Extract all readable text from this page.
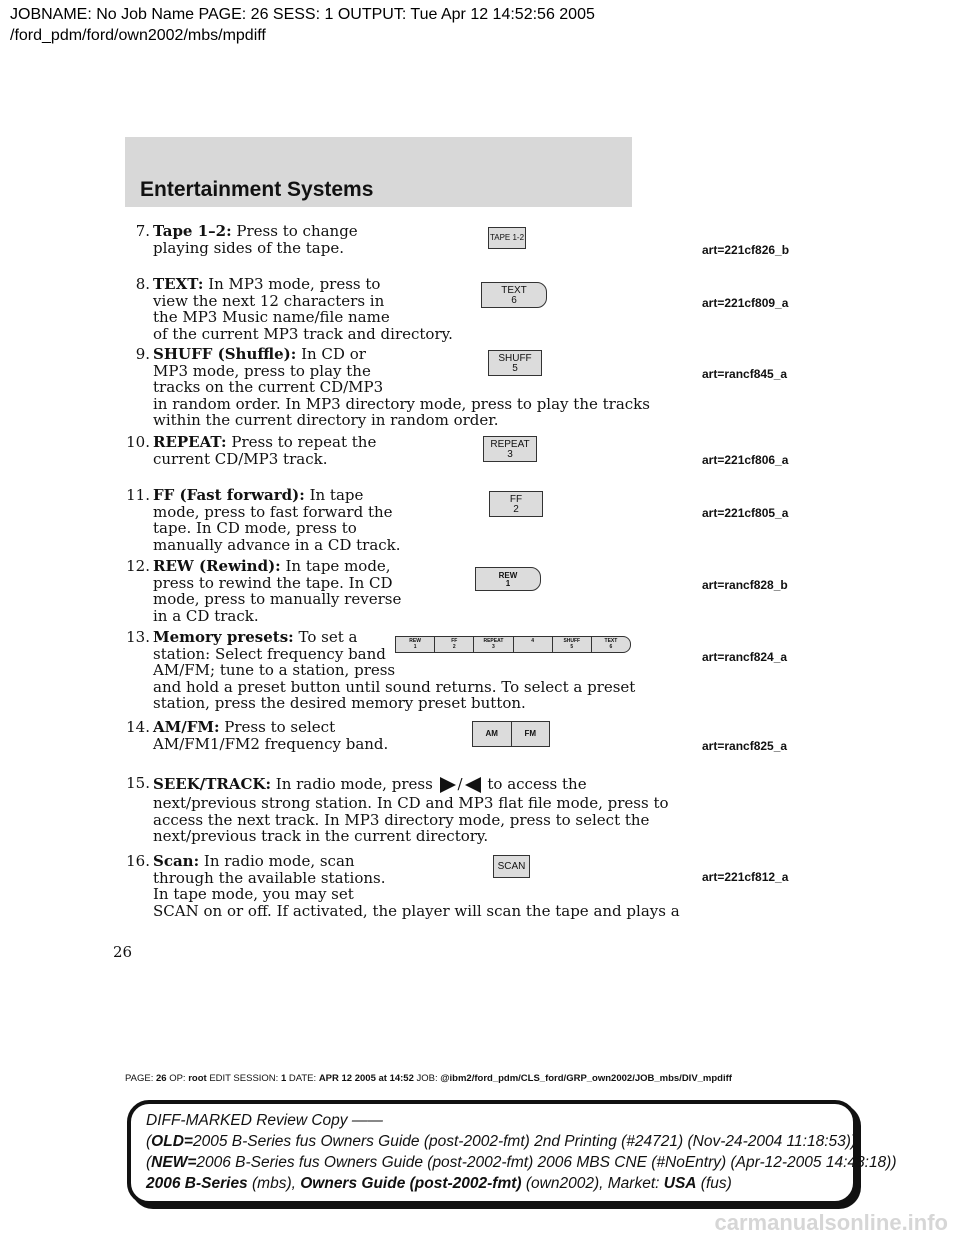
JOBNAME: No Job Name PAGE: 26 SESS: 1 OUTPUT: Tue Apr 12 14:52:56 2005
/ford_pdm/ford/own2002/mbs/mpdiff
Entertainment Systems
7. Tape 1–2: Press to change
playing sides of the tape.
TAPE 1-2
art=221cf826_b
8. TEXT: In MP3 mode, press to
view the next 12 characters in
the MP3 Music name/file name
of the current MP3 track and directory.
TEXT
6	art=221cf809_a
9. SHUFF (Shuffle): In CD or
MP3 mode, press to play the
tracks on the current CD/MP3
in random order. In MP3 directory mode, press to play the tracks
within the current directory in random order.
SHUFF
5	art=rancf845_a
10. REPEAT: Press to repeat the
current CD/MP3 track.
REPEAT
3	art=221cf806_a
11. FF (Fast forward): In tape
mode, press to fast forward the
tape. In CD mode, press to
manually advance in a CD track.
FF
2	art=221cf805_a
12. REW (Rewind): In tape mode,
press to rewind the tape. In CD
mode, press to manually reverse
in a CD track.
REW
1	art=rancf828_b
13. Memory presets: To set a
station: Select frequency band
AM/FM; tune to a station, press
and hold a preset button until sound returns. To select a preset
station, press the desired memory preset button.
REW
1
FF
2
REPEAT
3
4	SHUFF
5
TEXT
6
art=rancf824_a
14. AM/FM: Press to select
AM/FM1/FM2 frequency band.
AM	FM
art=rancf825_a
15. SEEK/TRACK: In radio mode, press / to access the
next/previous strong station. In CD and MP3 flat file mode, press to
access the next track. In MP3 directory mode, press to select the
next/previous track in the current directory.
16. Scan: In radio mode, scan
through the available stations.
In tape mode, you may set
SCAN on or off. If activated, the player will scan the tape and plays a
SCAN
art=221cf812_a
26
PAGE: 26 OP: root EDIT SESSION: 1 DATE: APR 12 2005 at 14:52 JOB: @ibm2/ford_pdm/CLS_ford/GRP_own2002/JOB_mbs/DIV_mpdiff
DIFF-MARKED Review Copy ——
(OLD=2005 B-Series fus Owners Guide (post-2002-fmt) 2nd Printing (#24721) (Nov-24-2004 11:18:53))
(NEW=2006 B-Series fus Owners Guide (post-2002-fmt) 2006 MBS CNE (#NoEntry) (Apr-12-2005 14:48:18))
2006 B-Series (mbs), Owners Guide (post-2002-fmt) (own2002), Market: USA (fus)
carmanualsonline.info
